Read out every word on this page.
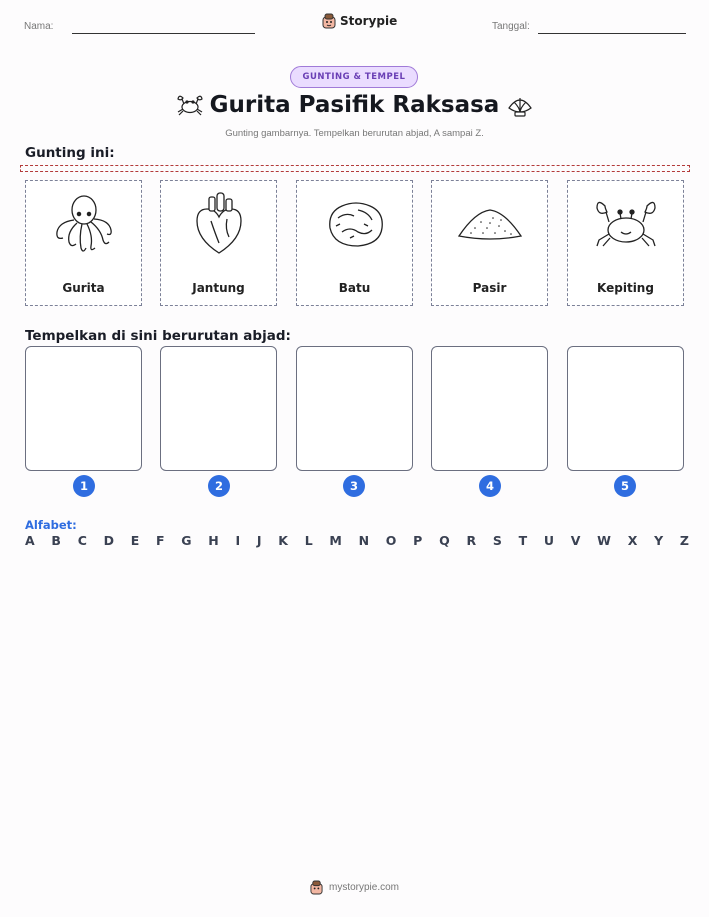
Nama:	Storypie	Tanggal:
GUNTING & TEMPEL
Gurita Pasifik Raksasa
Gunting gambarnya. Tempelkan berurutan abjad, A sampai Z.
Gunting ini:
Gurita	Jantung	Batu	Pasir	Kepiting
Tempelkan di sini berurutan abjad:
1	2	3	4	5
Alfabet:
A B C D E F G H I J K L M N O P Q R S T U V W X Y Z
mystorypie.com
